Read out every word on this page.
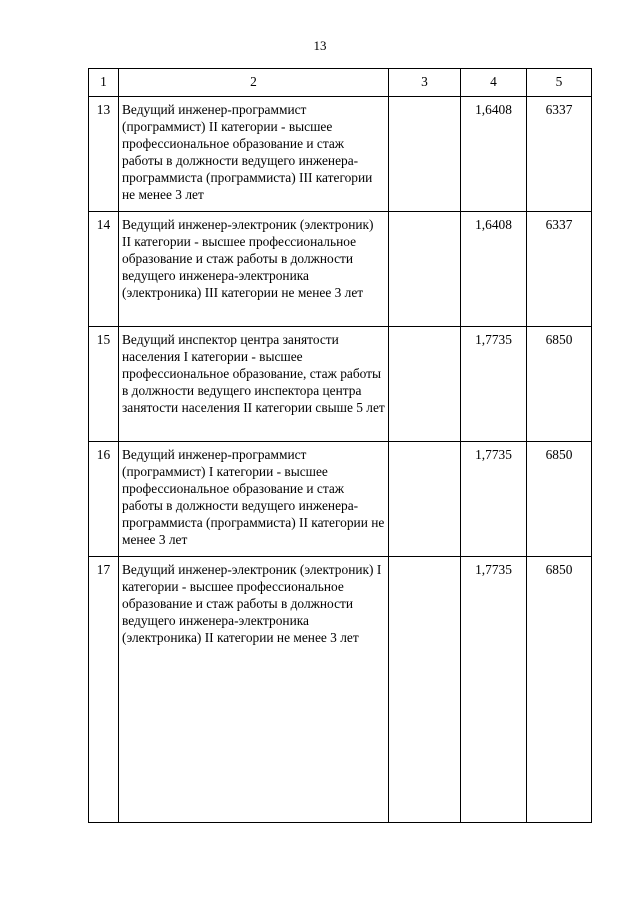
13
1	2	3	4	5
13	Ведущий инженер-программист (программист) II категории - высшее профессиональное образование и стаж работы в должности ведущего инженера-программиста (программиста) III категории не менее 3 лет		1,6408	6337
14	Ведущий инженер-электроник (электроник) II категории - высшее профессиональное образование и стаж работы в должности ведущего инженера-электроника (электроника) III категории не менее 3 лет		1,6408	6337
15	Ведущий инспектор центра занятости населения I категории - высшее профессиональное образование, стаж работы в должности ведущего инспектора центра занятости населения II категории свыше 5 лет		1,7735	6850
16	Ведущий инженер-программист (программист) I категории - высшее профессиональное образование и стаж работы в должности ведущего инженера-программиста (программиста) II категории не менее 3 лет		1,7735	6850
17	Ведущий инженер-электроник (электроник) I категории - высшее профессиональное образование и стаж работы в должности ведущего инженера-электроника (электроника) II категории не менее 3 лет		1,7735	6850
